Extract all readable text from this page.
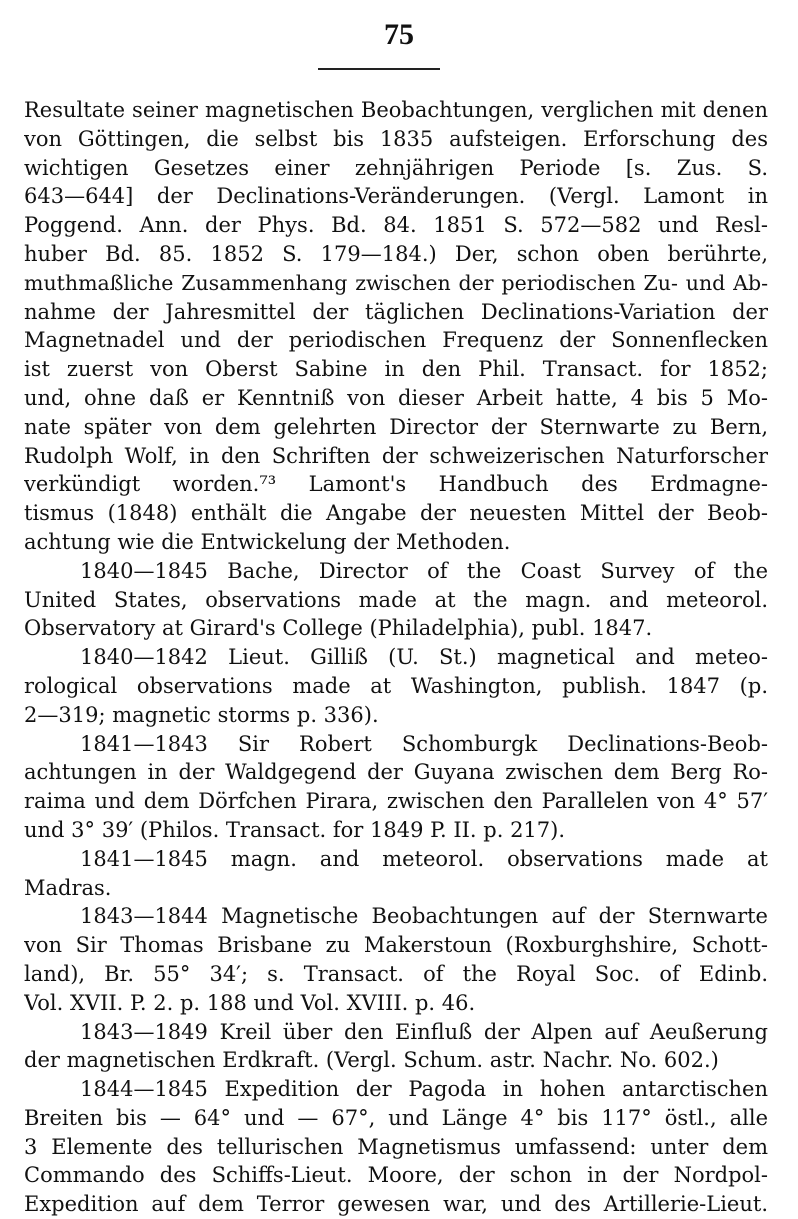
75
Resultate seiner magnetischen Beobachtungen, verglichen mit denen
von Göttingen, die selbst bis 1835 aufsteigen. Erforschung des
wichtigen Gesetzes einer zehnjährigen Periode [s. Zus. S.
643—644] der Declinations-Veränderungen. (Vergl. Lamont in
Poggend. Ann. der Phys. Bd. 84. 1851 S. 572—582 und Resl-
huber Bd. 85. 1852 S. 179—184.) Der, schon oben berührte,
muthmaßliche Zusammenhang zwischen der periodischen Zu- und Ab-
nahme der Jahresmittel der täglichen Declinations-Variation der
Magnetnadel und der periodischen Frequenz der Sonnenflecken
ist zuerst von Oberst Sabine in den Phil. Transact. for 1852;
und, ohne daß er Kenntniß von dieser Arbeit hatte, 4 bis 5 Mo-
nate später von dem gelehrten Director der Sternwarte zu Bern,
Rudolph Wolf, in den Schriften der schweizerischen Naturforscher
verkündigt worden.⁷³ Lamont's Handbuch des Erdmagne-
tismus (1848) enthält die Angabe der neuesten Mittel der Beob-
achtung wie die Entwickelung der Methoden.
1840—1845 Bache, Director of the Coast Survey of the
United States, observations made at the magn. and meteorol.
Observatory at Girard's College (Philadelphia), publ. 1847.
1840—1842 Lieut. Gilliß (U. St.) magnetical and meteo-
rological observations made at Washington, publish. 1847 (p.
2—319; magnetic storms p. 336).
1841—1843 Sir Robert Schomburgk Declinations-Beob-
achtungen in der Waldgegend der Guyana zwischen dem Berg Ro-
raima und dem Dörfchen Pirara, zwischen den Parallelen von 4° 57′
und 3° 39′ (Philos. Transact. for 1849 P. II. p. 217).
1841—1845 magn. and meteorol. observations made at
Madras.
1843—1844 Magnetische Beobachtungen auf der Sternwarte
von Sir Thomas Brisbane zu Makerstoun (Roxburghshire, Schott-
land), Br. 55° 34′; s. Transact. of the Royal Soc. of Edinb.
Vol. XVII. P. 2. p. 188 und Vol. XVIII. p. 46.
1843—1849 Kreil über den Einfluß der Alpen auf Aeußerung
der magnetischen Erdkraft. (Vergl. Schum. astr. Nachr. No. 602.)
1844—1845 Expedition der Pagoda in hohen antarctischen
Breiten bis — 64° und — 67°, und Länge 4° bis 117° östl., alle
3 Elemente des tellurischen Magnetismus umfassend: unter dem
Commando des Schiffs-Lieut. Moore, der schon in der Nordpol-
Expedition auf dem Terror gewesen war, und des Artillerie-Lieut.
